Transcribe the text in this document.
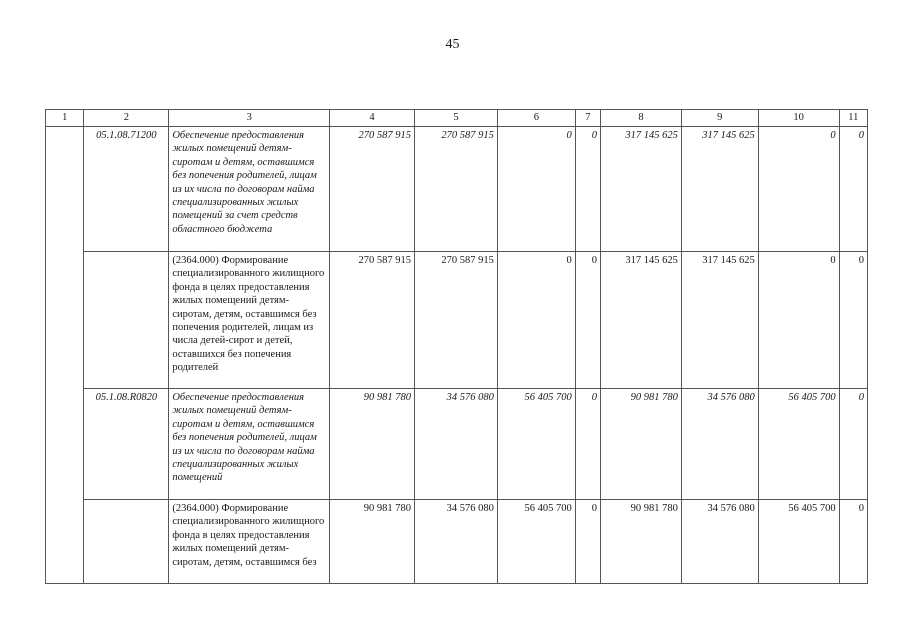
45
1	2	3	4	5	6	7	8	9	10	11
	05.1.08.71200	Обеспечение предоставления жилых помещений детям-сиротам и детям, оставшимся без попечения родителей, лицам из их числа по договорам найма специализированных жилых помещений за счет средств областного бюджета	270 587 915	270 587 915	0	0	317 145 625	317 145 625	0	0
		(2364.000) Формирование специализированного жилищного фонда в целях предоставления жилых помещений детям-сиротам, детям, оставшимся без попечения родителей, лицам из числа детей-сирот и детей, оставшихся без попечения родителей	270 587 915	270 587 915	0	0	317 145 625	317 145 625	0	0
	05.1.08.R0820	Обеспечение предоставления жилых помещений детям-сиротам и детям, оставшимся без попечения родителей, лицам из их числа по договорам найма специализированных жилых помещений	90 981 780	34 576 080	56 405 700	0	90 981 780	34 576 080	56 405 700	0
		(2364.000) Формирование специализированного жилищного фонда в целях предоставления жилых помещений детям-сиротам, детям, оставшимся без	90 981 780	34 576 080	56 405 700	0	90 981 780	34 576 080	56 405 700	0
